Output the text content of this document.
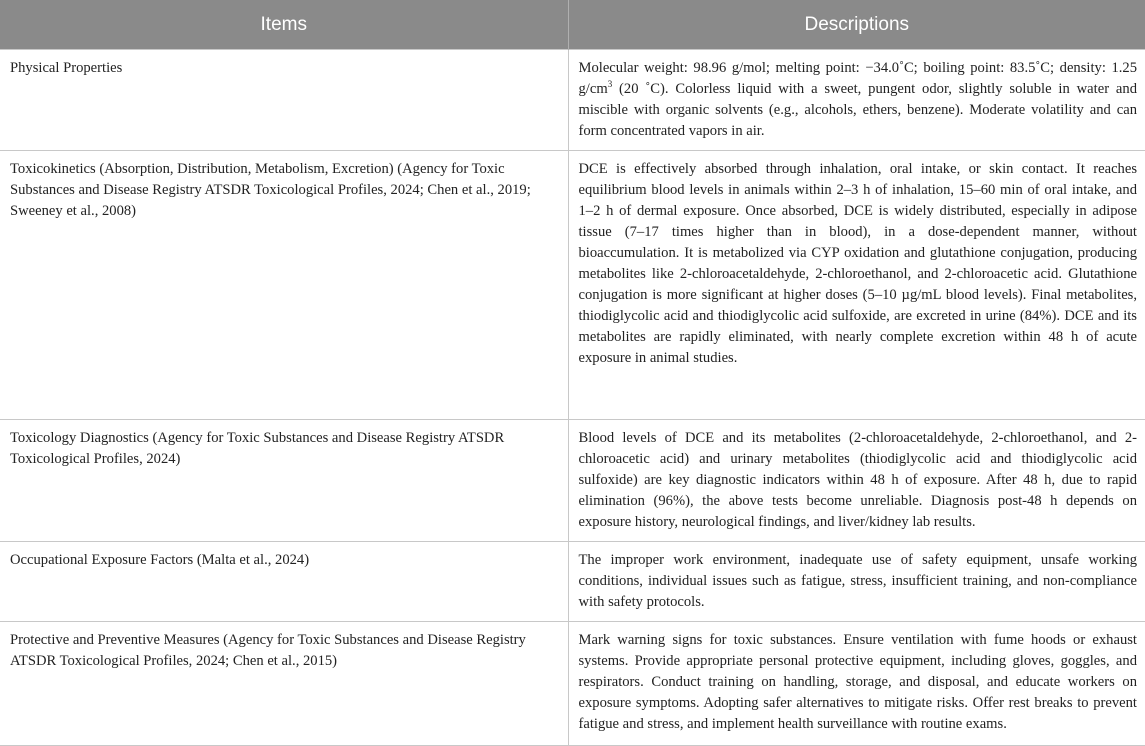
Items	Descriptions
Physical Properties	Molecular weight: 98.96 g/mol; melting point: −34.0˚C; boiling point: 83.5˚C; density: 1.25 $g/cm^3$ (20 ˚C). Colorless liquid with a sweet, pungent odor, slightly soluble in water and miscible with organic solvents (e.g., alcohols, ethers, benzene). Moderate volatility and can form concentrated vapors in air.
Toxicokinetics (Absorption, Distribution, Metabolism, Excretion) (Agency for Toxic Substances and Disease Registry ATSDR Toxicological Profiles, 2024; Chen et al., 2019; Sweeney et al., 2008)	DCE is effectively absorbed through inhalation, oral intake, or skin contact. It reaches equilibrium blood levels in animals within 2–3 h of inhalation, 15–60 min of oral intake, and 1–2 h of dermal exposure. Once absorbed, DCE is widely distributed, especially in adipose tissue (7–17 times higher than in blood), in a dose-dependent manner, without bioaccumulation. It is metabolized via CYP oxidation and glutathione conjugation, producing metabolites like 2-chloroacetaldehyde, 2-chloroethanol, and 2-chloroacetic acid. Glutathione conjugation is more significant at higher doses (5–10 µg/mL blood levels). Final metabolites, thiodiglycolic acid and thiodiglycolic acid sulfoxide, are excreted in urine (84%). DCE and its metabolites are rapidly eliminated, with nearly complete excretion within 48 h of acute exposure in animal studies.
Toxicology Diagnostics (Agency for Toxic Substances and Disease Registry ATSDR Toxicological Profiles, 2024)	Blood levels of DCE and its metabolites (2-chloroacetaldehyde, 2-chloroethanol, and 2-chloroacetic acid) and urinary metabolites (thiodiglycolic acid and thiodiglycolic acid sulfoxide) are key diagnostic indicators within 48 h of exposure. After 48 h, due to rapid elimination (96%), the above tests become unreliable. Diagnosis post-48 h depends on exposure history, neurological findings, and liver/kidney lab results.
Occupational Exposure Factors (Malta et al., 2024)	The improper work environment, inadequate use of safety equipment, unsafe working conditions, individual issues such as fatigue, stress, insufficient training, and non-compliance with safety protocols.
Protective and Preventive Measures (Agency for Toxic Substances and Disease Registry ATSDR Toxicological Profiles, 2024; Chen et al., 2015)	Mark warning signs for toxic substances. Ensure ventilation with fume hoods or exhaust systems. Provide appropriate personal protective equipment, including gloves, goggles, and respirators. Conduct training on handling, storage, and disposal, and educate workers on exposure symptoms. Adopting safer alternatives to mitigate risks. Offer rest breaks to prevent fatigue and stress, and implement health surveillance with routine exams.
